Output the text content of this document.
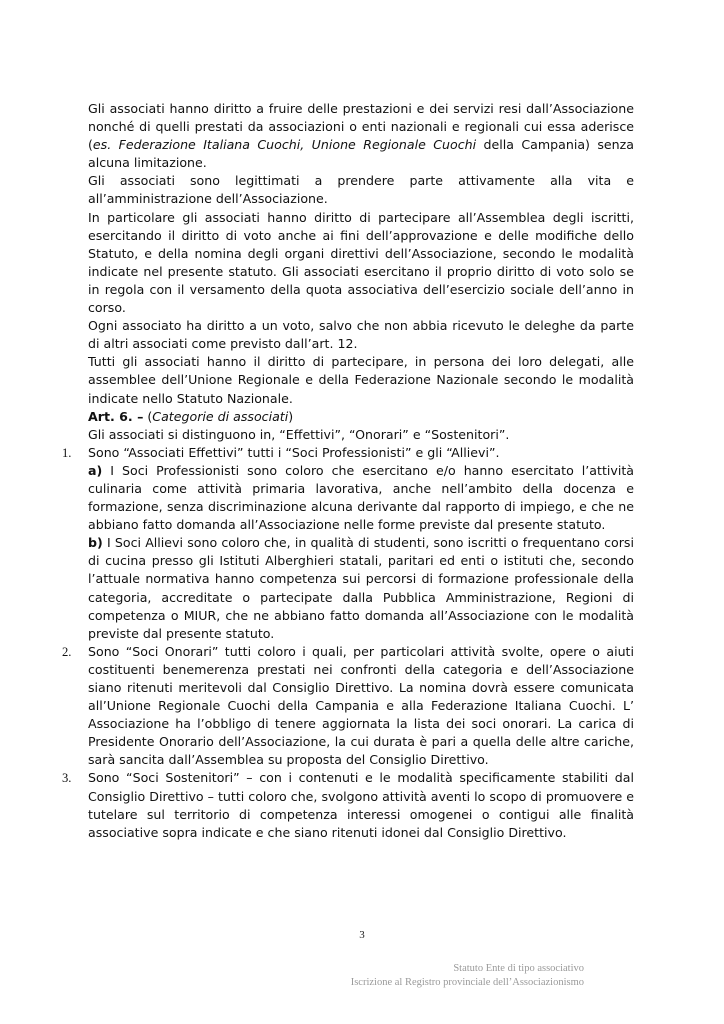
Gli associati hanno diritto a fruire delle prestazioni e dei servizi resi dall’Associazione nonché di quelli prestati da associazioni o enti nazionali e regionali cui essa aderisce (es. Federazione Italiana Cuochi, Unione Regionale Cuochi della Campania) senza alcuna limitazione.

Gli associati sono legittimati a prendere parte attivamente alla vita e all’amministrazione dell’Associazione.

In particolare gli associati hanno diritto di partecipare all’Assemblea degli iscritti, esercitando il diritto di voto anche ai fini dell’approvazione e delle modifiche dello Statuto, e della nomina degli organi direttivi dell’Associazione, secondo le modalità indicate nel presente statuto. Gli associati esercitano il proprio diritto di voto solo se in regola con il versamento della quota associativa dell’esercizio sociale dell’anno in corso.

Ogni associato ha diritto a un voto, salvo che non abbia ricevuto le deleghe da parte di altri associati come previsto dall’art. 12.

Tutti gli associati hanno il diritto di partecipare, in persona dei loro delegati, alle assemblee dell’Unione Regionale e della Federazione Nazionale secondo le modalità indicate nello Statuto Nazionale.

Art. 6. – (Categorie di associati)

Gli associati si distinguono in, “Effettivi”, “Onorari” e “Sostenitori”.

1. Sono “Associati Effettivi” tutti i “Soci Professionisti” e gli “Allievi”.

a) I Soci Professionisti sono coloro che esercitano e/o hanno esercitato l’attività culinaria come attività primaria lavorativa, anche nell’ambito della docenza e formazione, senza discriminazione alcuna derivante dal rapporto di impiego, e che ne abbiano fatto domanda all’Associazione nelle forme previste dal presente statuto.

b) I Soci Allievi sono coloro che, in qualità di studenti, sono iscritti o frequentano corsi di cucina presso gli Istituti Alberghieri statali, paritari ed enti o istituti che, secondo l’attuale normativa hanno competenza sui percorsi di formazione professionale della categoria, accreditate o partecipate dalla Pubblica Amministrazione, Regioni di competenza o MIUR, che ne abbiano fatto domanda all’Associazione con le modalità previste dal presente statuto.

2. Sono “Soci Onorari” tutti coloro i quali, per particolari attività svolte, opere o aiuti costituenti benemerenza prestati nei confronti della categoria e dell’Associazione siano ritenuti meritevoli dal Consiglio Direttivo. La nomina dovrà essere comunicata all’Unione Regionale Cuochi della Campania e alla Federazione Italiana Cuochi. L’ Associazione ha l’obbligo di tenere aggiornata la lista dei soci onorari. La carica di Presidente Onorario dell’Associazione, la cui durata è pari a quella delle altre cariche, sarà sancita dall’Assemblea su proposta del Consiglio Direttivo.

3. Sono “Soci Sostenitori” – con i contenuti e le modalità specificamente stabiliti dal Consiglio Direttivo – tutti coloro che, svolgono attività aventi lo scopo di promuovere e tutelare sul territorio di competenza interessi omogenei o contigui alle finalità associative sopra indicate e che siano ritenuti idonei dal Consiglio Direttivo.

3
Statuto Ente di tipo associativo
Iscrizione al Registro provinciale dell’Associazionismo
